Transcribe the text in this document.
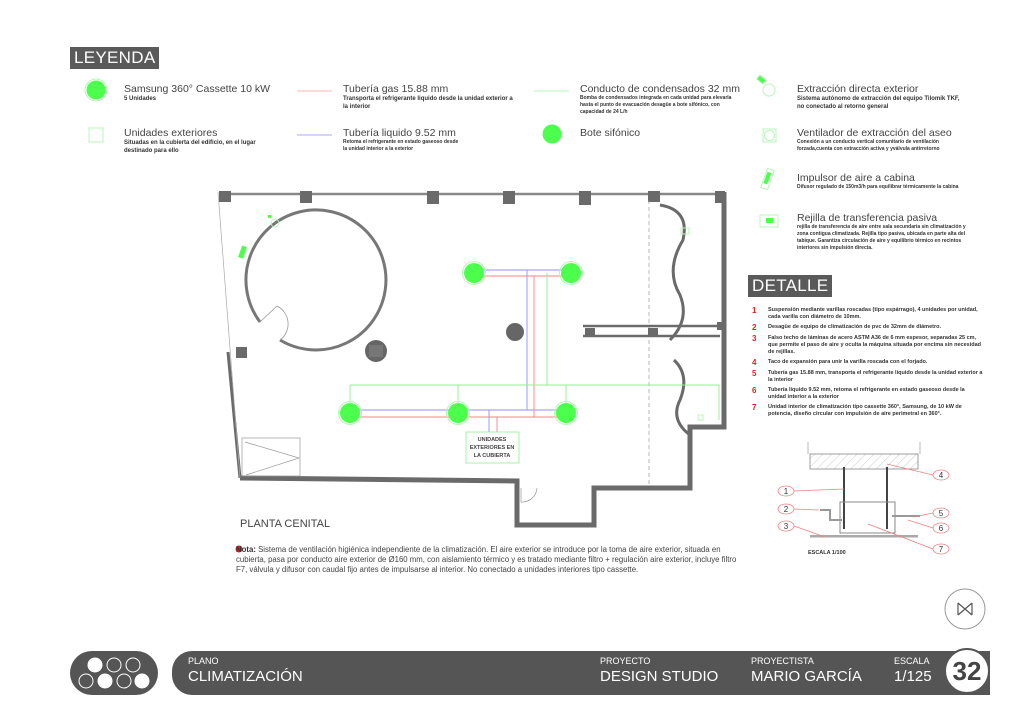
LEYENDA
Samsung 360° Cassette 10 kW
5 Unidades
Unidades exteriores
Situadas en la cubierta del edificio, en el lugar destinado para ello
Tubería gas 15.88 mm
Transporta el refrigerante liquido desde la unidad exterior a la interior
Tubería liquido 9.52 mm
Retoma el refrigerante en estado gaseoso desde la unidad interior a la exterior
Conducto de condensados 32 mm
Bomba de condensados integrada en cada unidad para elevarla hasta el punto de evacuación desagüe a bote sifónico, con capacidad de 24 L/h
Bote sifónico
Extracción directa exterior
Sistema autónomo de extracción del equipo Tilomik TKF, no conectado al retorno general
Ventilador de extracción del aseo
Conexión a un conducto vertical comunitario de ventilación forzada,cuenta con extracción activa y yválvula antirretorno
Impulsor de aire a cabina
Difusor regulado de 150m3/h para equilibrar térmicamente la cabina
Rejilla de transferencia pasiva
rejilla de transferencia de aire entre sala secundaria sin climatización y zona contigua climatizada. Rejilla tipo pasiva, ubicada en parte alta del tabique. Garantiza circulación de aire y equilibrio térmico en recintos interiores sin impulsión directa.
DETALLE
1	Suspensión mediante varillas roscadas (tipo espárrago), 4 unidades por unidad, cada varilla con diámetro de 10mm.
2	Desagüe de equipo de climatización de pvc de 32mm de diámetro.
3	Falso techo de láminas de acero ASTM A36 de 6 mm espesor, separadas 25 cm, que permite el paso de aire y oculta la máquina situada por encima sin necesidad de rejillas.
4	Taco de expansión para unir la varilla roscada con el forjado.
5	Tubería gas 15.88 mm, transporta el refrigerante líquido desde la unidad exterior a la interior
6	Tubería líquido 9.52 mm, retoma el refrigerante en estado gaseoso desde la unidad interior a la exterior
7	Unidad interior de climatización tipo cassette 360°, Samsung, de 10 kW de potencia, diseño circular con impulsión de aire perimetral en 360°.
1
2
3
4
5
6
7
ESCALA 1/100
UNIDADES
EXTERIORES EN
LA CUBIERTA
PLANTA CENITAL
Nota: Sistema de ventilación higiénica independiente de la climatización. El aire exterior se introduce por la toma de aire exterior, situada en cubierta, pasa por conducto aire exterior de Ø160 mm, con aislamiento térmico y es tratado mediante filtro + regulación aire exterior, incluye filtro F7, válvula y difusor con caudal fijo antes de impulsarse al interior. No conectado a unidades interiores tipo cassette.
PLANO
CLIMATIZACIÓN
PROYECTO
DESIGN STUDIO
PROYECTISTA
MARIO GARCÍA
ESCALA
1/125 32
